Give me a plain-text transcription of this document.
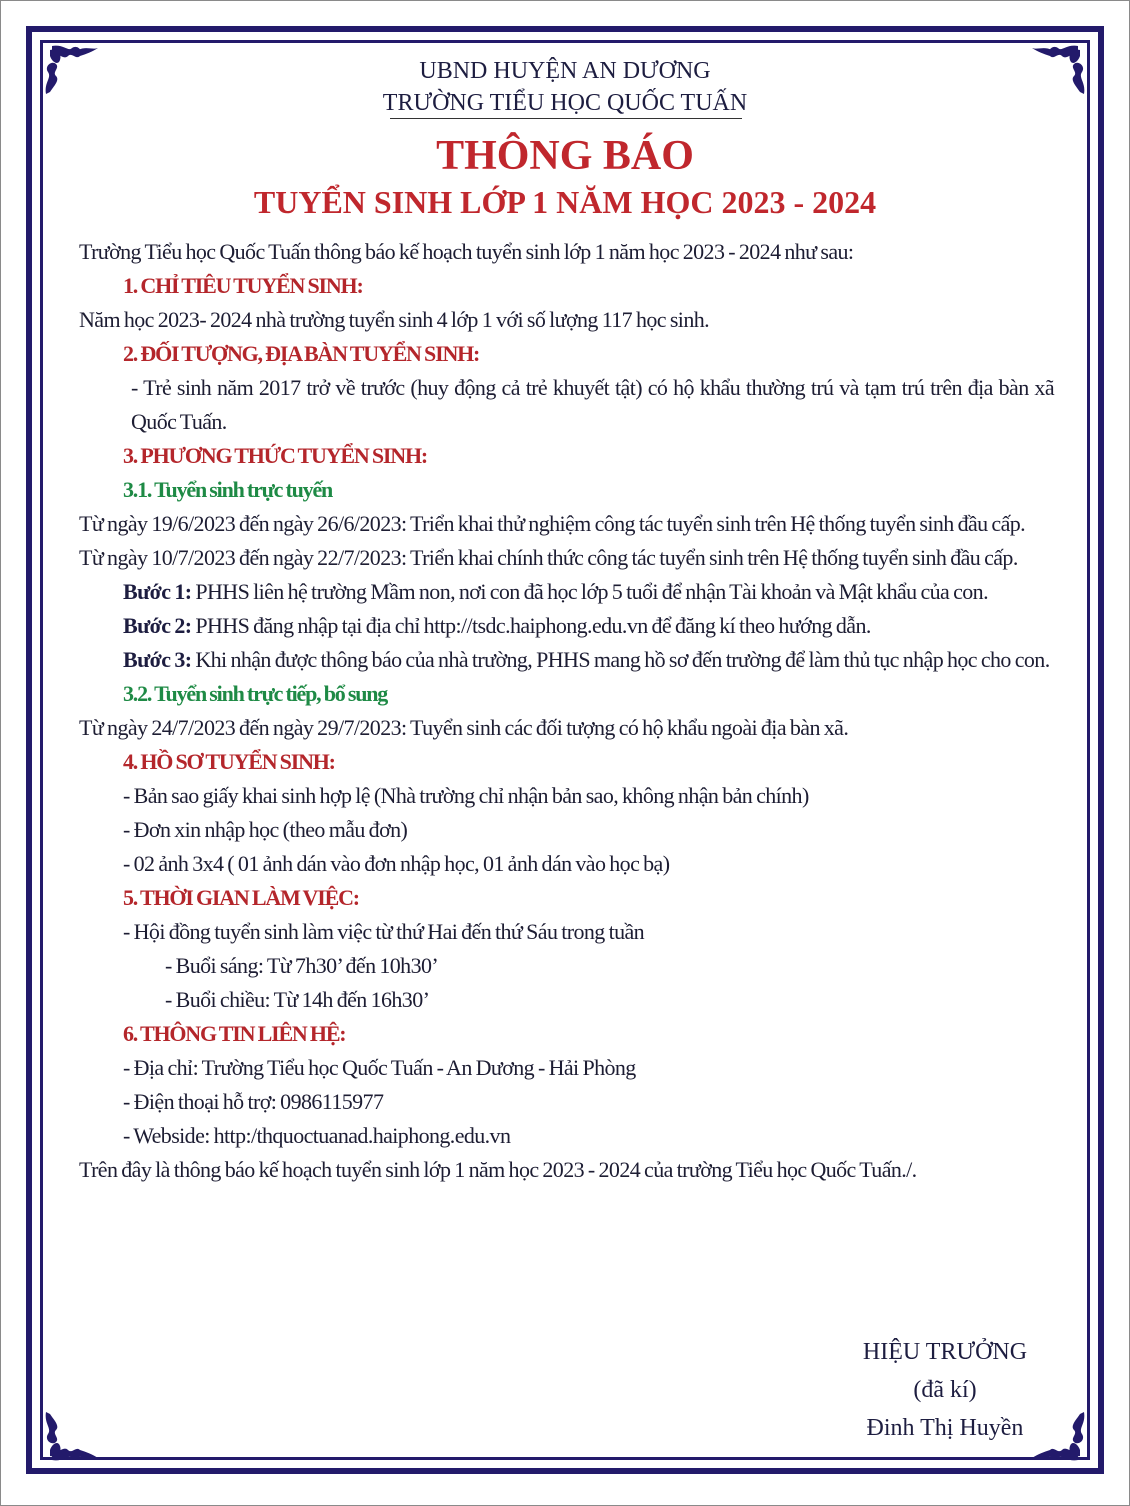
UBND HUYỆN AN DƯƠNG
TRƯỜNG TIỂU HỌC QUỐC TUẤN
THÔNG BÁO
TUYỂN SINH LỚP 1 NĂM HỌC 2023 - 2024

Trường Tiểu học Quốc Tuấn thông báo kế hoạch tuyển sinh lớp 1 năm học 2023 - 2024 như sau:

1. CHỈ TIÊU TUYỂN SINH:

Năm học 2023- 2024 nhà trường tuyển sinh 4 lớp 1 với số lượng 117 học sinh.

2. ĐỐI TƯỢNG, ĐỊA BÀN TUYỂN SINH:

- Trẻ sinh năm 2017 trở về trước (huy động cả trẻ khuyết tật) có hộ khẩu thường trú và tạm trú trên địa bàn xã Quốc Tuấn.

3. PHƯƠNG THỨC TUYỂN SINH:

3.1. Tuyển sinh trực tuyến

Từ ngày 19/6/2023 đến ngày 26/6/2023: Triển khai thử nghiệm công tác tuyển sinh trên Hệ thống tuyển sinh đầu cấp.

Từ ngày 10/7/2023 đến ngày 22/7/2023: Triển khai chính thức công tác tuyển sinh trên Hệ thống tuyển sinh đầu cấp.

Bước 1: PHHS liên hệ trường Mầm non, nơi con đã học lớp 5 tuổi để nhận Tài khoản và Mật khẩu của con.

Bước 2: PHHS đăng nhập tại địa chỉ http://tsdc.haiphong.edu.vn để đăng kí theo hướng dẫn.

Bước 3: Khi nhận được thông báo của nhà trường, PHHS mang hồ sơ đến trường để làm thủ tục nhập học cho con.

3.2. Tuyển sinh trực tiếp, bổ sung

Từ ngày 24/7/2023 đến ngày 29/7/2023: Tuyển sinh các đối tượng có hộ khẩu ngoài địa bàn xã.

4. HỒ SƠ TUYỂN SINH:

- Bản sao giấy khai sinh hợp lệ (Nhà trường chỉ nhận bản sao, không nhận bản chính)

- Đơn xin nhập học (theo mẫu đơn)

- 02 ảnh 3x4 ( 01 ảnh dán vào đơn nhập học, 01 ảnh dán vào học bạ)

5. THỜI GIAN LÀM VIỆC:

- Hội đồng tuyển sinh làm việc từ thứ Hai đến thứ Sáu trong tuần

- Buổi sáng: Từ 7h30’ đến 10h30’

- Buổi chiều: Từ 14h đến 16h30’

6. THÔNG TIN LIÊN HỆ:

- Địa chỉ: Trường Tiểu học Quốc Tuấn - An Dương - Hải Phòng

- Điện thoại hỗ trợ: 0986115977

- Webside: http:/thquoctuanad.haiphong.edu.vn

Trên đây là thông báo kế hoạch tuyển sinh lớp 1 năm học 2023 - 2024 của trường Tiểu học Quốc Tuấn./.

HIỆU TRƯỞNG
(đã kí)
Đinh Thị Huyền
